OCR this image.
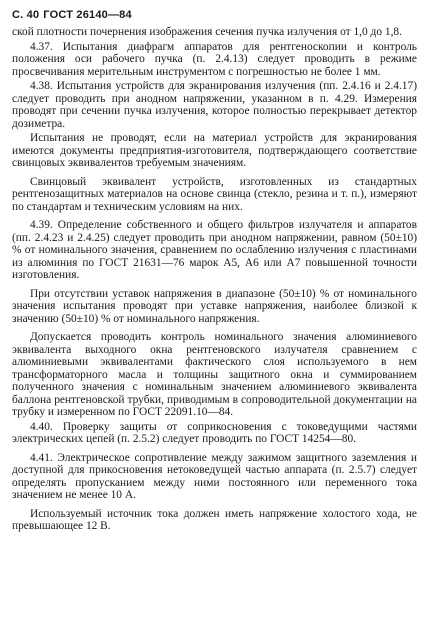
С. 40 ГОСТ 26140—84

ской плотности почернения изображения сечения пучка излучения от 1,0 до 1,8.

4.37. Испытания диафрагм аппаратов для рентгеноскопии и контроль положения оси рабочего пучка (п. 2.4.13) следует проводить в режиме просвечивания мерительным инструментом с погрешностью не более 1 мм.

4.38. Испытания устройств для экранирования излучения (пп. 2.4.16 и 2.4.17) следует проводить при анодном напряжении, указанном в п. 4.29. Измерения проводят при сечении пучка излучения, которое полностью перекрывает детектор дозиметра.

Испытания не проводят, если на материал устройств для экранирования имеются документы предприятия-изготовителя, подтверждающего соответствие свинцовых эквивалентов требуемым значениям.

Свинцовый эквивалент устройств, изготовленных из стандартных рентгенозащитных материалов на основе свинца (стекло, резина и т. п.), измеряют по стандартам и техническим условиям на них.

4.39. Определение собственного и общего фильтров излучателя и аппаратов (пп. 2.4.23 и 2.4.25) следует проводить при анодном напряжении, равном (50±10) % от номинального значения, сравнением по ослаблению излучения с пластинами из алюминия по ГОСТ 21631—76 марок А5, А6 или А7 повышенной точности изготовления.

При отсутствии уставок напряжения в диапазоне (50±10) % от номинального значения испытания проводят при уставке напряжения, наиболее близкой к значению (50±10) % от номинального напряжения.

Допускается проводить контроль номинального значения алюминиевого эквивалента выходного окна рентгеновского излучателя сравнением с алюминиевыми эквивалентами фактического слоя используемого в нем трансформаторного масла и толщины защитного окна и суммированием полученного значения с номинальным значением алюминиевого эквивалента баллона рентгеновской трубки, приводимым в сопроводительной документации на трубку и измеренном по ГОСТ 22091.10—84.

4.40. Проверку защиты от соприкосновения с токоведущими частями электрических цепей (п. 2.5.2) следует проводить по ГОСТ 14254—80.

4.41. Электрическое сопротивление между зажимом защитного заземления и доступной для прикосновения нетоковедущей частью аппарата (п. 2.5.7) следует определять пропусканием между ними постоянного или переменного тока значением не менее 10 А.

Используемый источник тока должен иметь напряжение холостого хода, не превышающее 12 В.
